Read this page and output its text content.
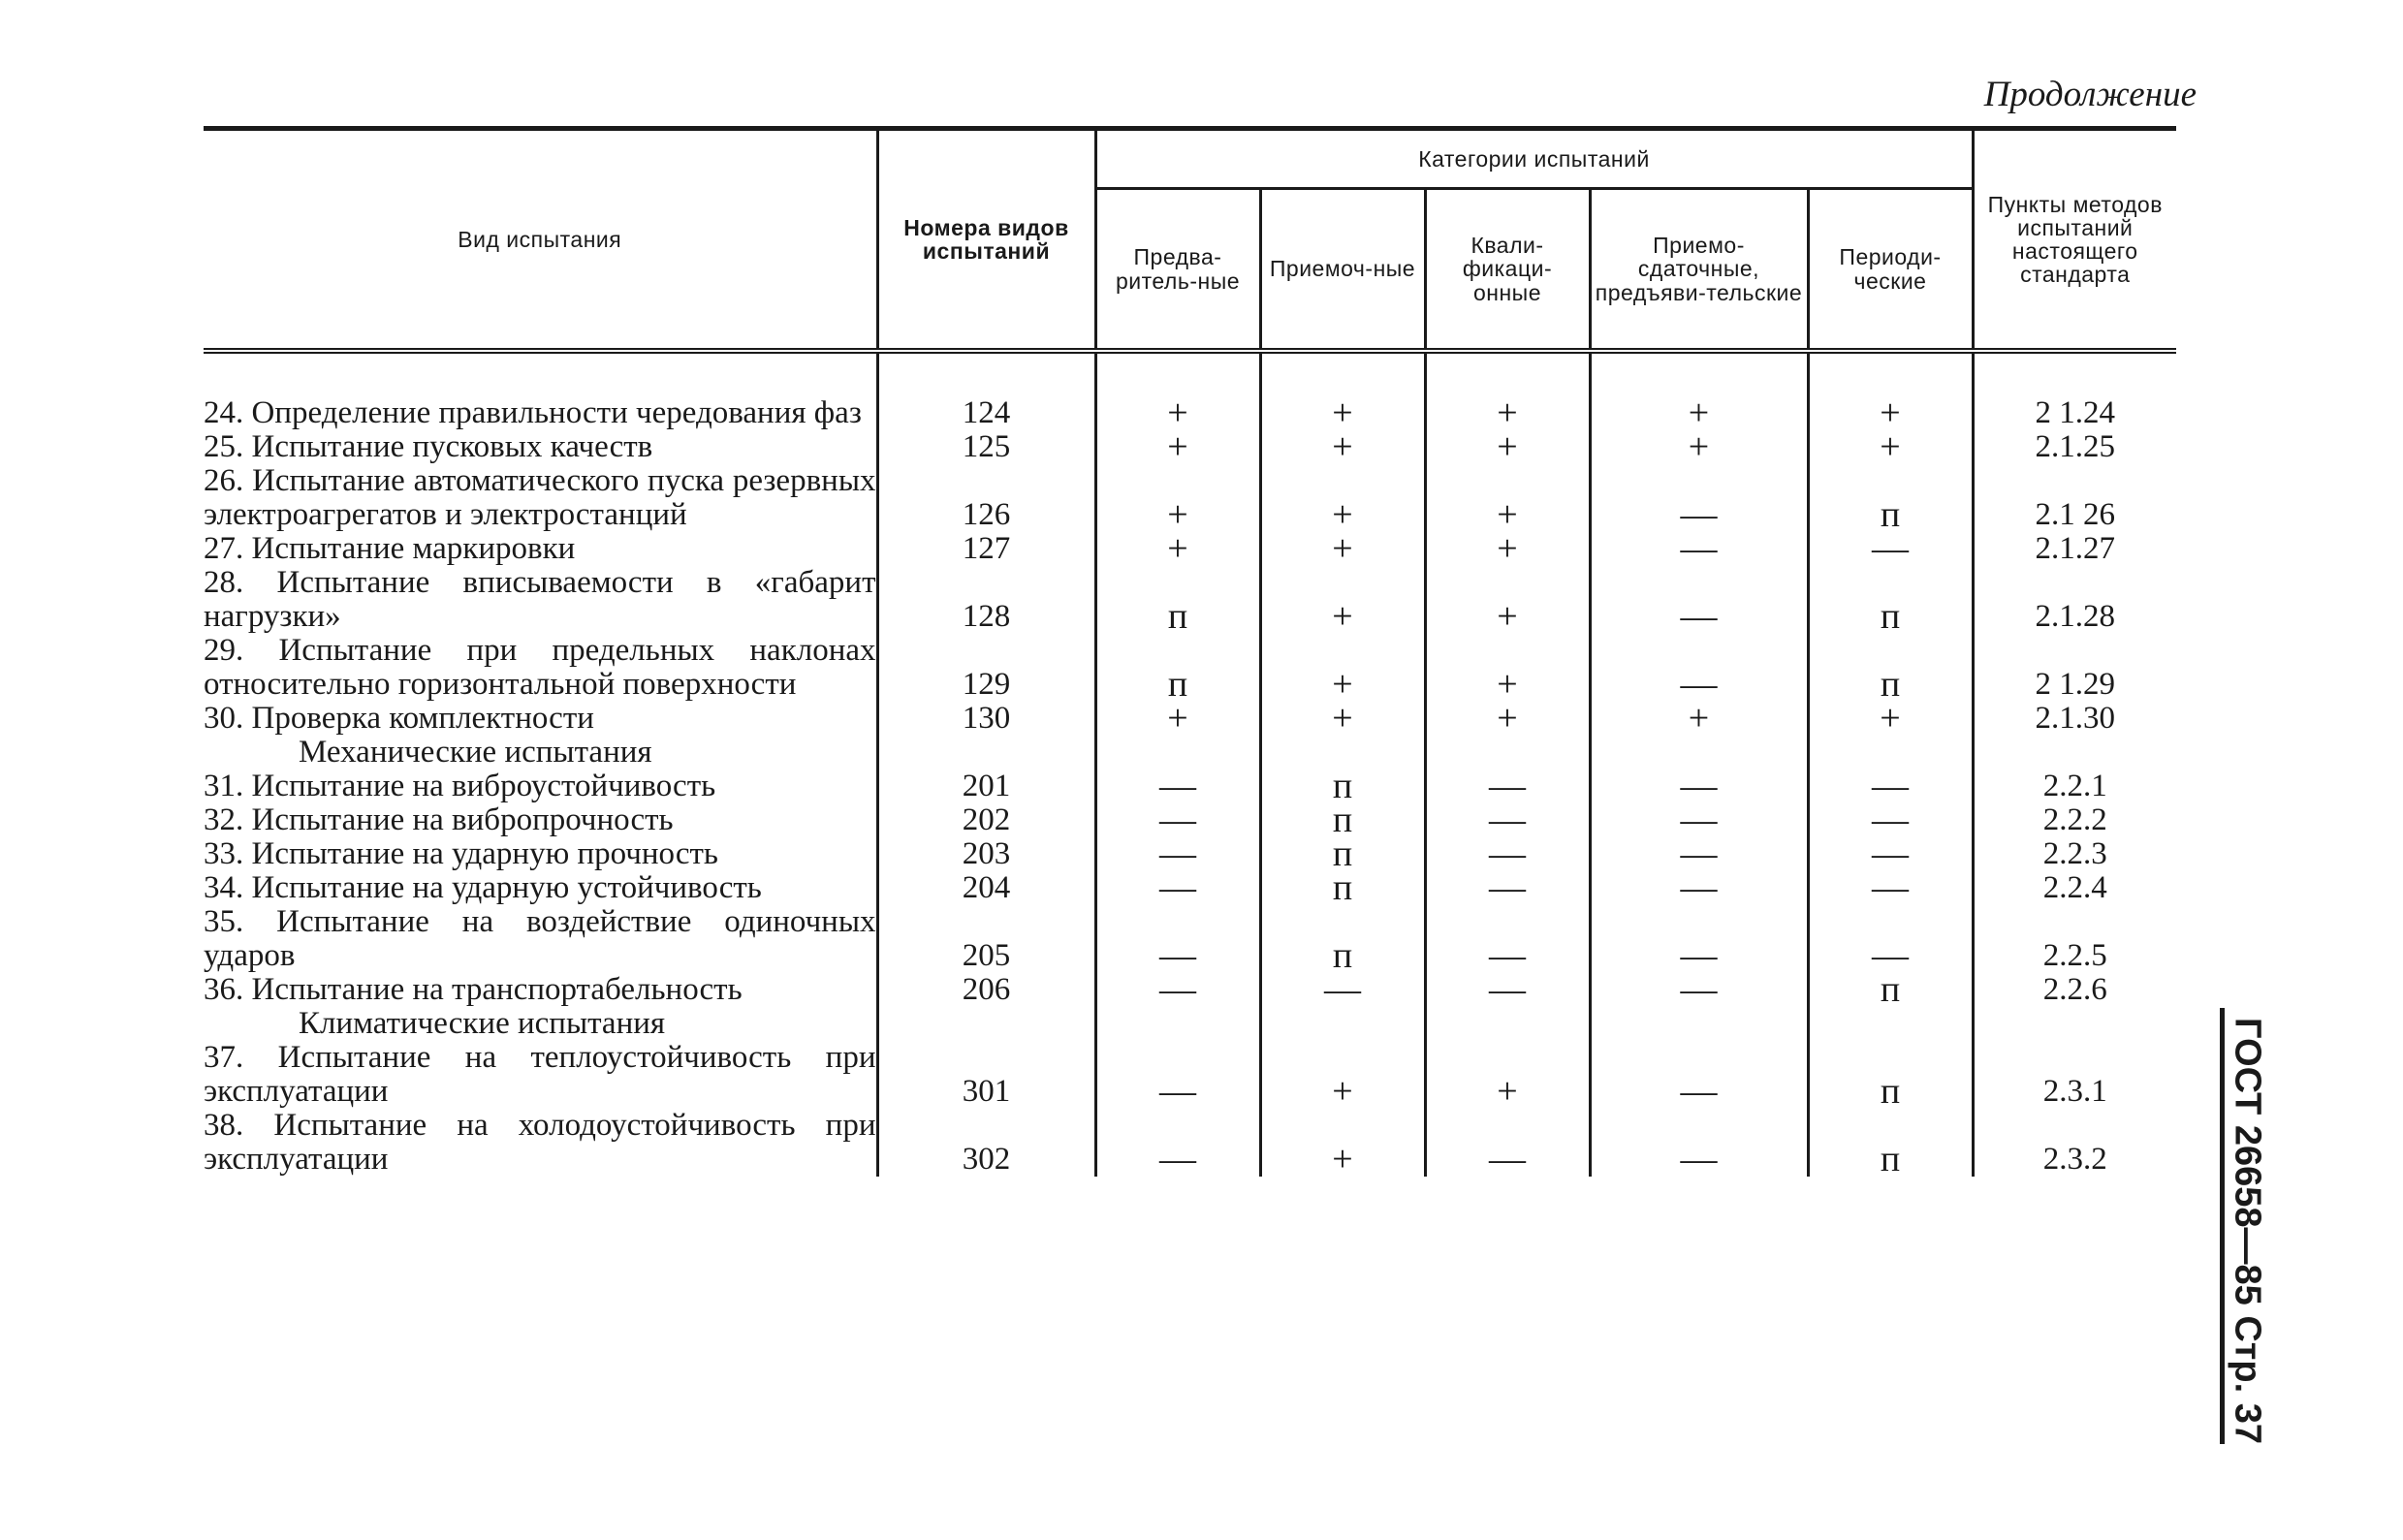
Продолжение
ГОСТ 26658—85 Стр. 37
Вид испытания	Номера видов испытаний	Категории испытаний					Пункты методов испытаний настоящего стандарта
		Предва-ритель-ные	Приемоч-ные	Квали-фикаци-онные	Приемо-сдаточные, предъяви-тельские	Периоди-ческие	
24. Определение правильности чередования фаз	124	+	+	+	+	+	2 1.24
25. Испытание пусковых качеств	125	+	+	+	+	+	2.1.25
26. Испытание автоматического пуска резервных электроагрегатов и электростанций	126	+	+	+	—	п	2.1 26
27. Испытание маркировки	127	+	+	+	—	—	2.1.27
28. Испытание вписываемости в «габарит нагрузки»	128	п	+	+	—	п	2.1.28
29. Испытание при предельных наклонах относительно горизонтальной поверхности	129	п	+	+	—	п	2 1.29
30. Проверка комплектности	130	+	+	+	+	+	2.1.30
Механические испытания							
31. Испытание на виброустойчивость	201	—	п	—	—	—	2.2.1
32. Испытание на вибропрочность	202	—	п	—	—	—	2.2.2
33. Испытание на ударную прочность	203	—	п	—	—	—	2.2.3
34. Испытание на ударную устойчивость	204	—	п	—	—	—	2.2.4
35. Испытание на воздействие одиночных ударов	205	—	п	—	—	—	2.2.5
36. Испытание на транспортабельность	206	—	—	—	—	п	2.2.6
Климатические испытания							
37. Испытание на теплоустойчивость при эксплуатации	301	—	+	+	—	п	2.3.1
38. Испытание на холодоустойчивость при эксплуатации	302	—	+	—	—	п	2.3.2
